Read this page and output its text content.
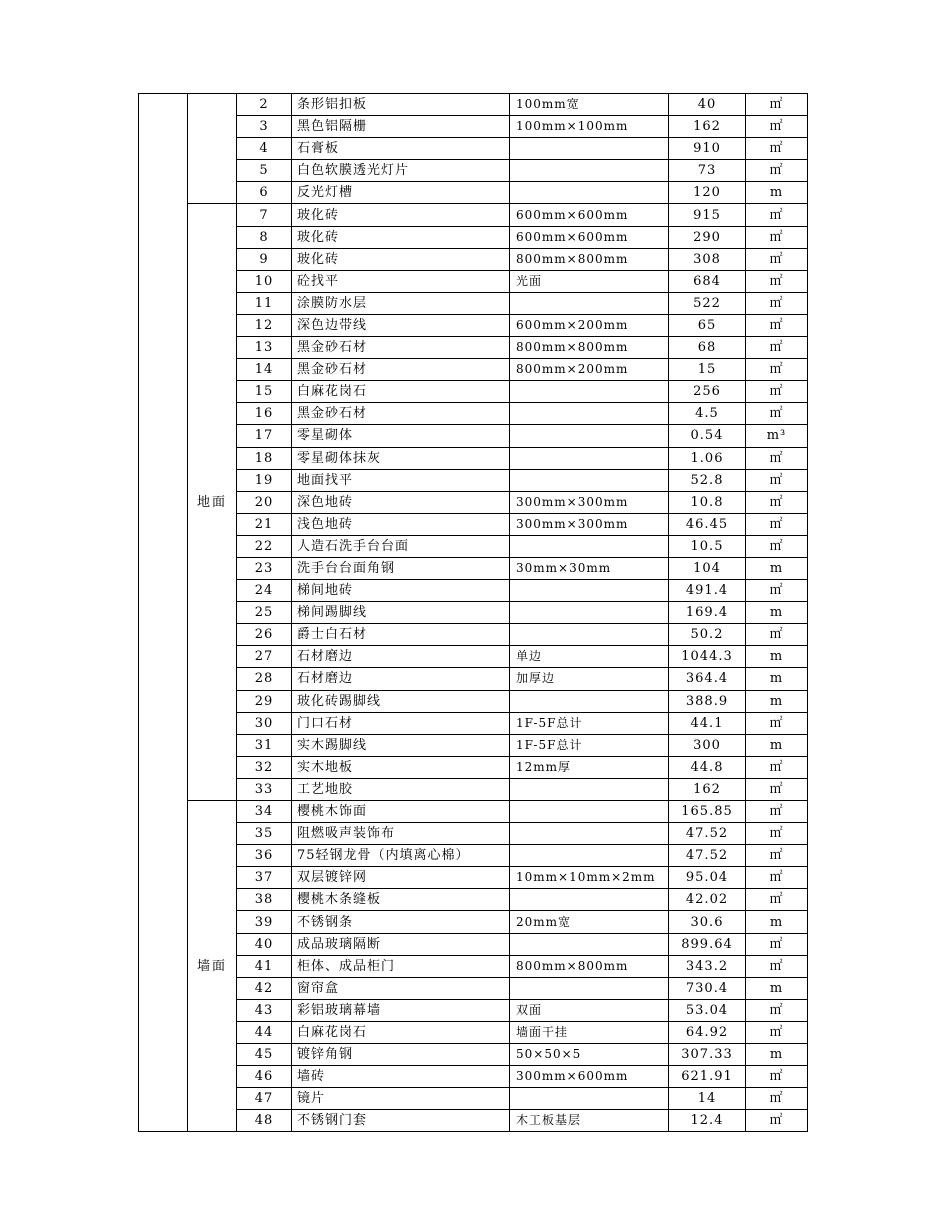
		2	条形铝扣板	100mm宽	40	㎡
		3	黑色铝隔栅	100mm×100mm	162	㎡
		4	石膏板		910	㎡
		5	白色软膜透光灯片		73	㎡
		6	反光灯槽		120	m
	地面	7	玻化砖	600mm×600mm	915	㎡
		8	玻化砖	600mm×600mm	290	㎡
		9	玻化砖	800mm×800mm	308	㎡
		10	砼找平	光面	684	㎡
		11	涂膜防水层		522	㎡
		12	深色边带线	600mm×200mm	65	㎡
		13	黑金砂石材	800mm×800mm	68	㎡
		14	黑金砂石材	800mm×200mm	15	㎡
		15	白麻花岗石		256	㎡
		16	黑金砂石材		4.5	㎡
		17	零星砌体		0.54	m³
		18	零星砌体抹灰		1.06	㎡
		19	地面找平		52.8	㎡
		20	深色地砖	300mm×300mm	10.8	㎡
		21	浅色地砖	300mm×300mm	46.45	㎡
		22	人造石洗手台台面		10.5	㎡
		23	洗手台台面角钢	30mm×30mm	104	m
		24	梯间地砖		491.4	㎡
		25	梯间踢脚线		169.4	m
		26	爵士白石材		50.2	㎡
		27	石材磨边	单边	1044.3	m
		28	石材磨边	加厚边	364.4	m
		29	玻化砖踢脚线		388.9	m
		30	门口石材	1F-5F总计	44.1	㎡
		31	实木踢脚线	1F-5F总计	300	m
		32	实木地板	12mm厚	44.8	㎡
		33	工艺地胶		162	㎡
	墙面	34	樱桃木饰面		165.85	㎡
		35	阻燃吸声装饰布		47.52	㎡
		36	75轻钢龙骨（内填离心棉）		47.52	㎡
		37	双层镀锌网	10mm×10mm×2mm	95.04	㎡
		38	樱桃木条缝板		42.02	㎡
		39	不锈钢条	20mm宽	30.6	m
		40	成品玻璃隔断		899.64	㎡
		41	柜体、成品柜门	800mm×800mm	343.2	㎡
		42	窗帘盒		730.4	m
		43	彩铝玻璃幕墙	双面	53.04	㎡
		44	白麻花岗石	墙面干挂	64.92	㎡
		45	镀锌角钢	50×50×5	307.33	m
		46	墙砖	300mm×600mm	621.91	㎡
		47	镜片		14	㎡
		48	不锈钢门套	木工板基层	12.4	㎡
